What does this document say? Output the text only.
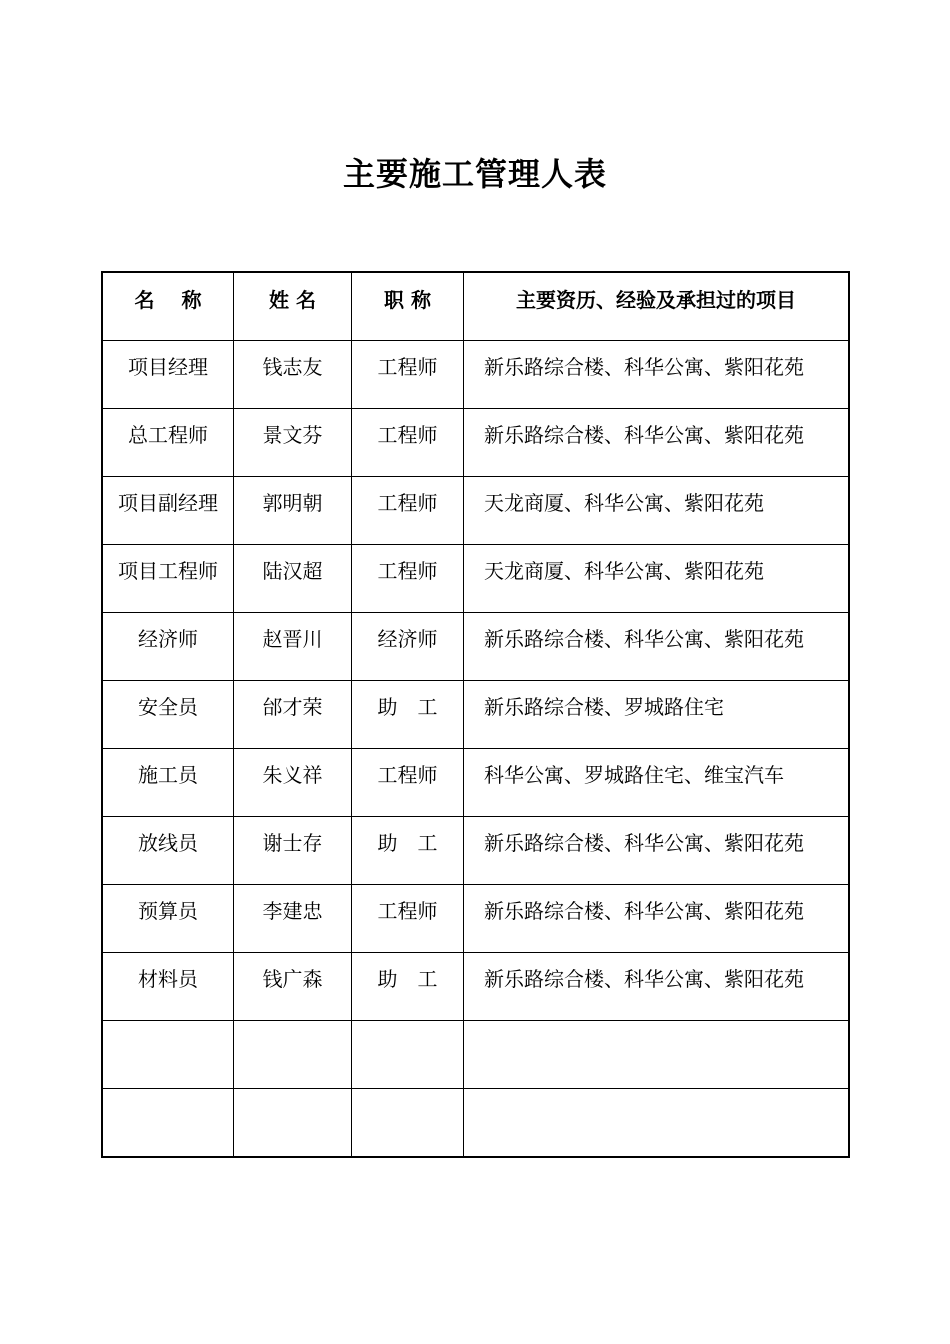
主要施工管理人表
名　 称	姓 名	职 称	主要资历、经验及承担过的项目
项目经理	钱志友	工程师	新乐路综合楼、科华公寓、紫阳花苑
总工程师	景文芬	工程师	新乐路综合楼、科华公寓、紫阳花苑
项目副经理	郭明朝	工程师	天龙商厦、科华公寓、紫阳花苑
项目工程师	陆汉超	工程师	天龙商厦、科华公寓、紫阳花苑
经济师	赵晋川	经济师	新乐路综合楼、科华公寓、紫阳花苑
安全员	邰才荣	助　工	新乐路综合楼、罗城路住宅
施工员	朱义祥	工程师	科华公寓、罗城路住宅、维宝汽车
放线员	谢士存	助　工	新乐路综合楼、科华公寓、紫阳花苑
预算员	李建忠	工程师	新乐路综合楼、科华公寓、紫阳花苑
材料员	钱广森	助　工	新乐路综合楼、科华公寓、紫阳花苑
